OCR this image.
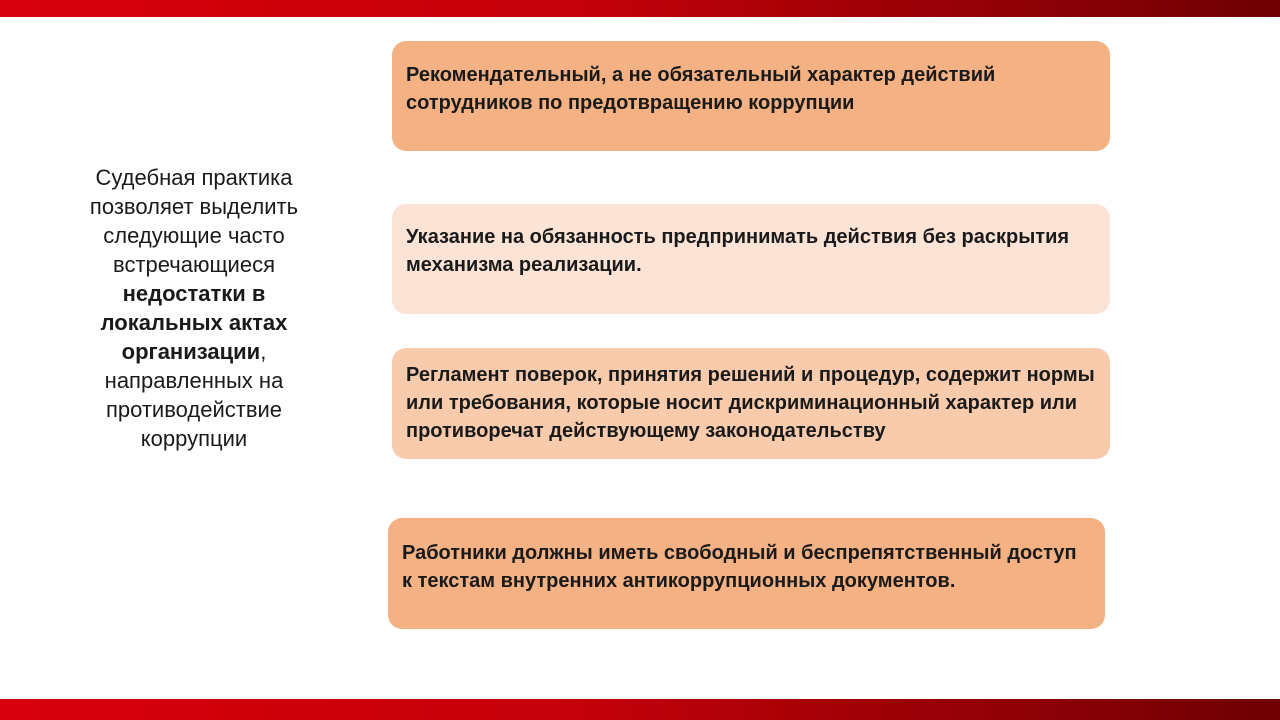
Судебная практика позволяет выделить следующие часто встречающиеся недостатки в локальных актах организации, направленных на противодействие коррупции
Рекомендательный, а не обязательный характер действий сотрудников по предотвращению коррупции
Указание на обязанность предпринимать действия без раскрытия механизма реализации.
Регламент поверок, принятия решений и процедур, содержит нормы или требования, которые носит дискриминационный характер или противоречат действующему законодательству
Работники должны иметь свободный и беспрепятственный доступ к текстам внутренних антикоррупционных документов.
